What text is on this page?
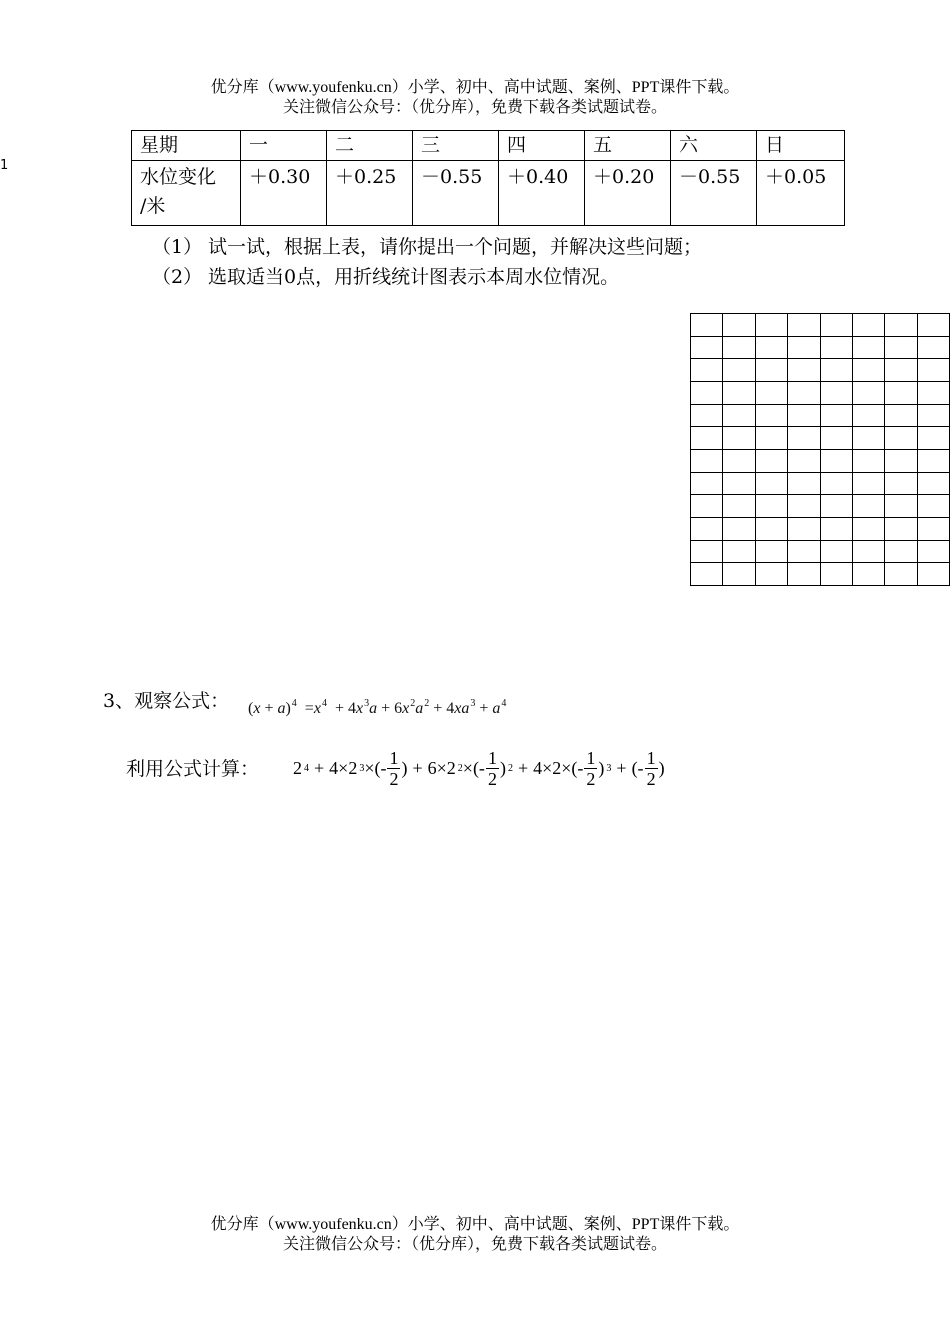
优分库（www.youfenku.cn）小学、初中、高中试题、案例、PPT课件下载。
关注微信公众号：（优分库），免费下载各类试题试卷。
1
星期	一	二	三	四	五	六	日

水位变化
/米	＋0.30	＋0.25	－0.55	＋0.40	＋0.20	－0.55	＋0.05
（1） 试一试，根据上表，请你提出一个问题，并解决这些问题；
（2） 选取适当0点，用折线统计图表示本周水位情况。
3、观察公式： $(x + a)^4 =x^4 + 4x^3a + 6x^2a^2 + 4xa^3 + a^4$
利用公式计算： 2 4 + 4 × 2 3 × (- $\frac{1}{2}$ ) + 6 × 2 2 × (- $\frac{1}{2}$ ) 2 + 4 × 2 × (- $\frac{1}{2}$ ) 3 + (- $\frac{1}{2}$ )
优分库（www.youfenku.cn）小学、初中、高中试题、案例、PPT课件下载。
关注微信公众号：（优分库），免费下载各类试题试卷。
